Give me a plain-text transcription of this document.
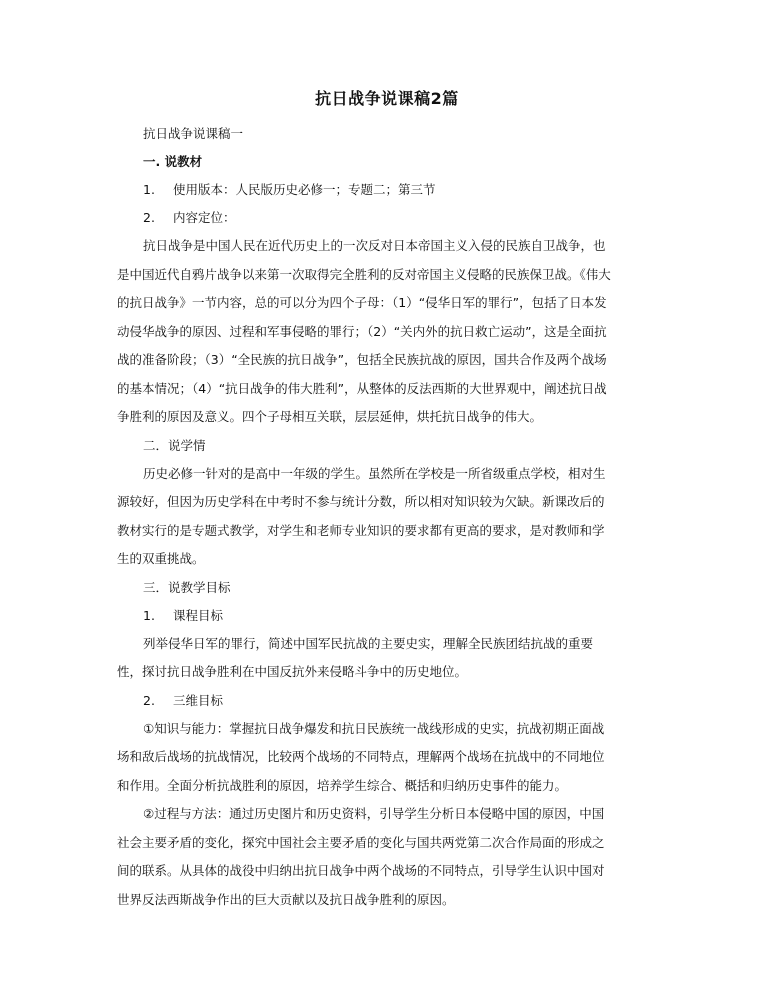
抗日战争说课稿2篇
抗日战争说课稿一
一. 说教材
1. 使用版本：人民版历史必修一；专题二；第三节
2. 内容定位：
抗日战争是中国人民在近代历史上的一次反对日本帝国主义入侵的民族自卫战争，也
是中国近代自鸦片战争以来第一次取得完全胜利的反对帝国主义侵略的民族保卫战。《伟大
的抗日战争》一节内容，总的可以分为四个子母：（1）“侵华日军的罪行”，包括了日本发
动侵华战争的原因、过程和军事侵略的罪行；（2）“关内外的抗日救亡运动”，这是全面抗
战的准备阶段；（3）“全民族的抗日战争”，包括全民族抗战的原因，国共合作及两个战场
的基本情况；（4）“抗日战争的伟大胜利”，从整体的反法西斯的大世界观中，阐述抗日战
争胜利的原因及意义。四个子母相互关联，层层延伸，烘托抗日战争的伟大。
二．说学情
历史必修一针对的是高中一年级的学生。虽然所在学校是一所省级重点学校，相对生
源较好，但因为历史学科在中考时不参与统计分数，所以相对知识较为欠缺。新课改后的
教材实行的是专题式教学，对学生和老师专业知识的要求都有更高的要求，是对教师和学
生的双重挑战。
三．说教学目标
1. 课程目标
列举侵华日军的罪行，简述中国军民抗战的主要史实，理解全民族团结抗战的重要
性，探讨抗日战争胜利在中国反抗外来侵略斗争中的历史地位。
2. 三维目标
①知识与能力：掌握抗日战争爆发和抗日民族统一战线形成的史实，抗战初期正面战
场和敌后战场的抗战情况，比较两个战场的不同特点，理解两个战场在抗战中的不同地位
和作用。全面分析抗战胜利的原因，培养学生综合、概括和归纳历史事件的能力。
②过程与方法：通过历史图片和历史资料，引导学生分析日本侵略中国的原因，中国
社会主要矛盾的变化，探究中国社会主要矛盾的变化与国共两党第二次合作局面的形成之
间的联系。从具体的战役中归纳出抗日战争中两个战场的不同特点，引导学生认识中国对
世界反法西斯战争作出的巨大贡献以及抗日战争胜利的原因。
